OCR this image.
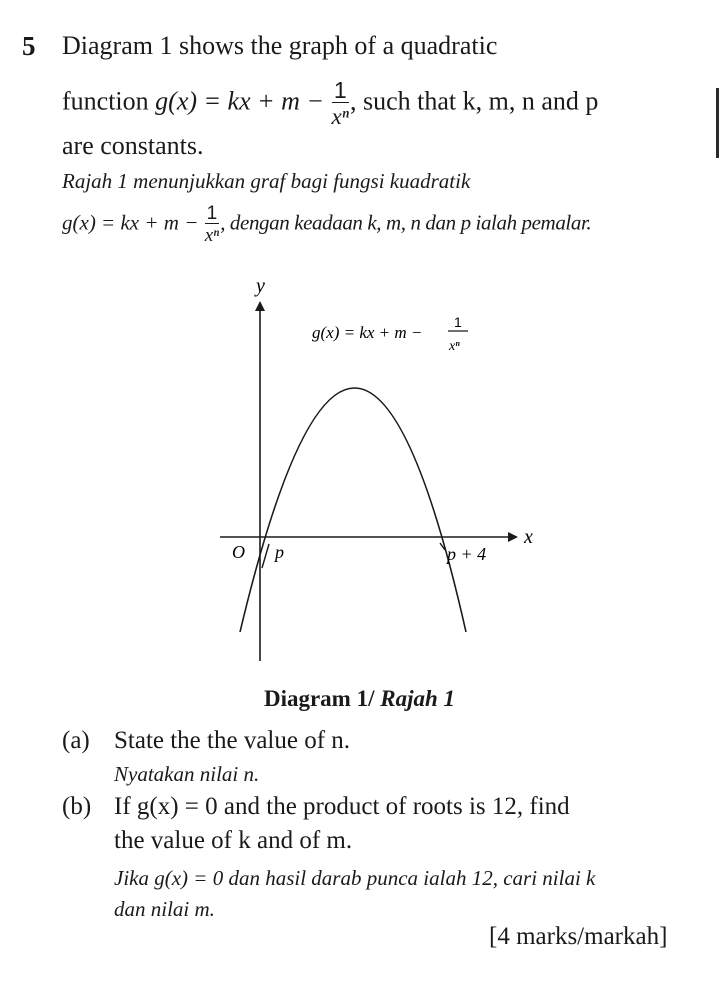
5 Diagram 1 shows the graph of a quadratic
function g(x) = kx + $m - \frac{1}{\text{xⁿ}}$ , such that k, m, n and p
are constants.
Rajah 1 menunjukkan graf bagi fungsi kuadratik
g(x) = kx + $m - \frac{1}{\text{xⁿ}}$ , dengan keadaan k, m, n dan p ialah pemalar.
y
x
O p	p + 4
g(x) = kx + m −
1
xⁿ
Diagram 1/ Rajah 1
(a) State the the value of n.
Nyatakan nilai n.
(b) If g(x) = 0 and the product of roots is 12, find
the value of k and of m.
Jika g(x) = 0 dan hasil darab punca ialah 12, cari nilai k
dan nilai m.
[4 marks/markah]
